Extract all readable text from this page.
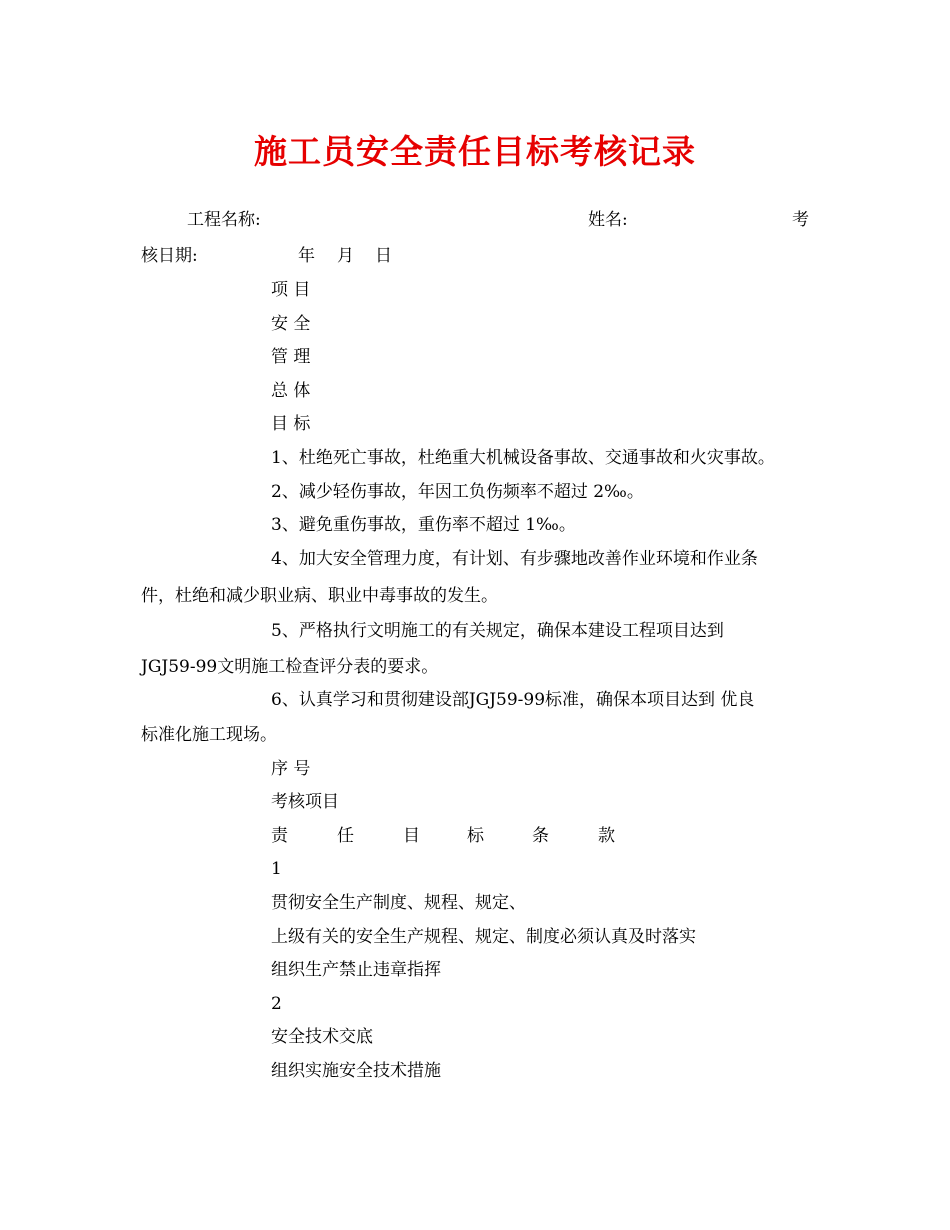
施工员安全责任目标考核记录
工程名称:	姓名:	考
核日期:	年 月 日
项 目
安 全
管 理
总 体
目 标
1、杜绝死亡事故，杜绝重大机械设备事故、交通事故和火灾事故。
2、减少轻伤事故，年因工负伤频率不超过 2‰。
3、避免重伤事故，重伤率不超过 1‰。
4、加大安全管理力度，有计划、有步骤地改善作业环境和作业条
件，杜绝和减少职业病、职业中毒事故的发生。
5、严格执行文明施工的有关规定，确保本建设工程项目达到
JGJ59-99文明施工检查评分表的要求。
6、认真学习和贯彻建设部JGJ59-99标准，确保本项目达到 优良
标准化施工现场。
序 号
考核项目
责	任	目	标	条	款
1
贯彻安全生产制度、规程、规定、
上级有关的安全生产规程、规定、制度必须认真及时落实
组织生产禁止违章指挥
2
安全技术交底
组织实施安全技术措施
